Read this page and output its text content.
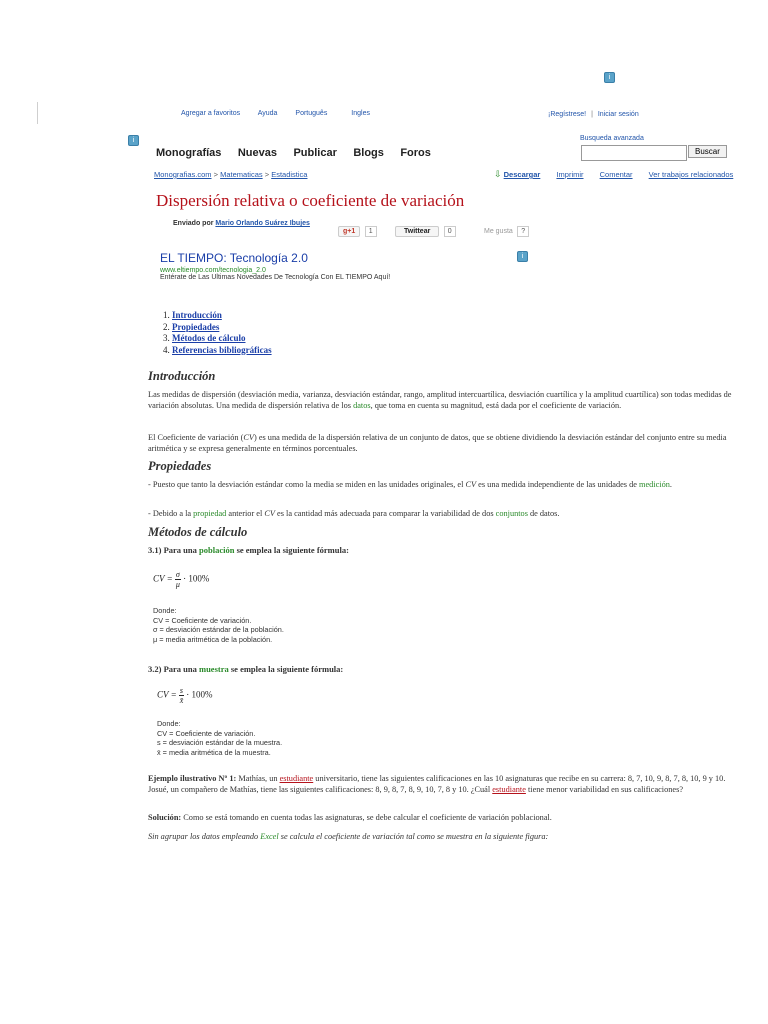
i
Agregar a favoritos	Ayuda	Português	Ingles	¡Regístrese! | Iniciar sesión
i	Busqueda avanzada
Buscar
Monografías Nuevas Publicar Blogs Foros
Monografias.com > Matematicas > Estadistica	⇩ Descargar Imprimir Comentar Ver trabajos relacionados
Dispersión relativa o coeficiente de variación
Enviado por Mario Orlando Suárez Ibujes
g+1 1	Twittear 0	Me gusta ?
EL TIEMPO: Tecnología 2.0
www.eltiempo.com/tecnologia_2.0
Entérate de Las Ultimas Novedades De Tecnología Con EL TIEMPO Aquí!
i
1. Introducción
2. Propiedades
3. Métodos de cálculo
4. Referencias bibliográficas
Introducción

Las medidas de dispersión (desviación media, varianza, desviación estándar, rango, amplitud intercuartílica, desviación cuartílica y la amplitud cuartílica) son todas medidas de variación absolutas. Una medida de dispersión relativa de los datos, que toma en cuenta su magnitud, está dada por el coeficiente de variación.

El Coeficiente de variación (CV) es una medida de la dispersión relativa de un conjunto de datos, que se obtiene dividiendo la desviación estándar del conjunto entre su media aritmética y se expresa generalmente en términos porcentuales.

Propiedades

- Puesto que tanto la desviación estándar como la media se miden en las unidades originales, el CV es una medida independiente de las unidades de medición.

- Debido a la propiedad anterior el CV es la cantidad más adecuada para comparar la variabilidad de dos conjuntos de datos.

Métodos de cálculo
3.1) Para una población se emplea la siguiente fórmula:
CV = $\frac{\sigma}{\mu} \cdot 100\%$
Donde:
CV = Coeficiente de variación.
σ = desviación estándar de la población.
μ = media aritmética de la población.
3.2) Para una muestra se emplea la siguiente fórmula:
CV = $\frac{s}{x̄} \cdot 100\%$
Donde:
CV = Coeficiente de variación.
s = desviación estándar de la muestra.
x̄ = media aritmética de la muestra.

Ejemplo ilustrativo Nº 1: Mathías, un estudiante universitario, tiene las siguientes calificaciones en las 10 asignaturas que recibe en su carrera: 8, 7, 10, 9, 8, 7, 8, 10, 9 y 10. Josué, un compañero de Mathías, tiene las siguientes calificaciones: 8, 9, 8, 7, 8, 9, 10, 7, 8 y 10. ¿Cuál estudiante tiene menor variabilidad en sus calificaciones?

Solución: Como se está tomando en cuenta todas las asignaturas, se debe calcular el coeficiente de variación poblacional.

Sin agrupar los datos empleando Excel se calcula el coeficiente de variación tal como se muestra en la siguiente figura:
